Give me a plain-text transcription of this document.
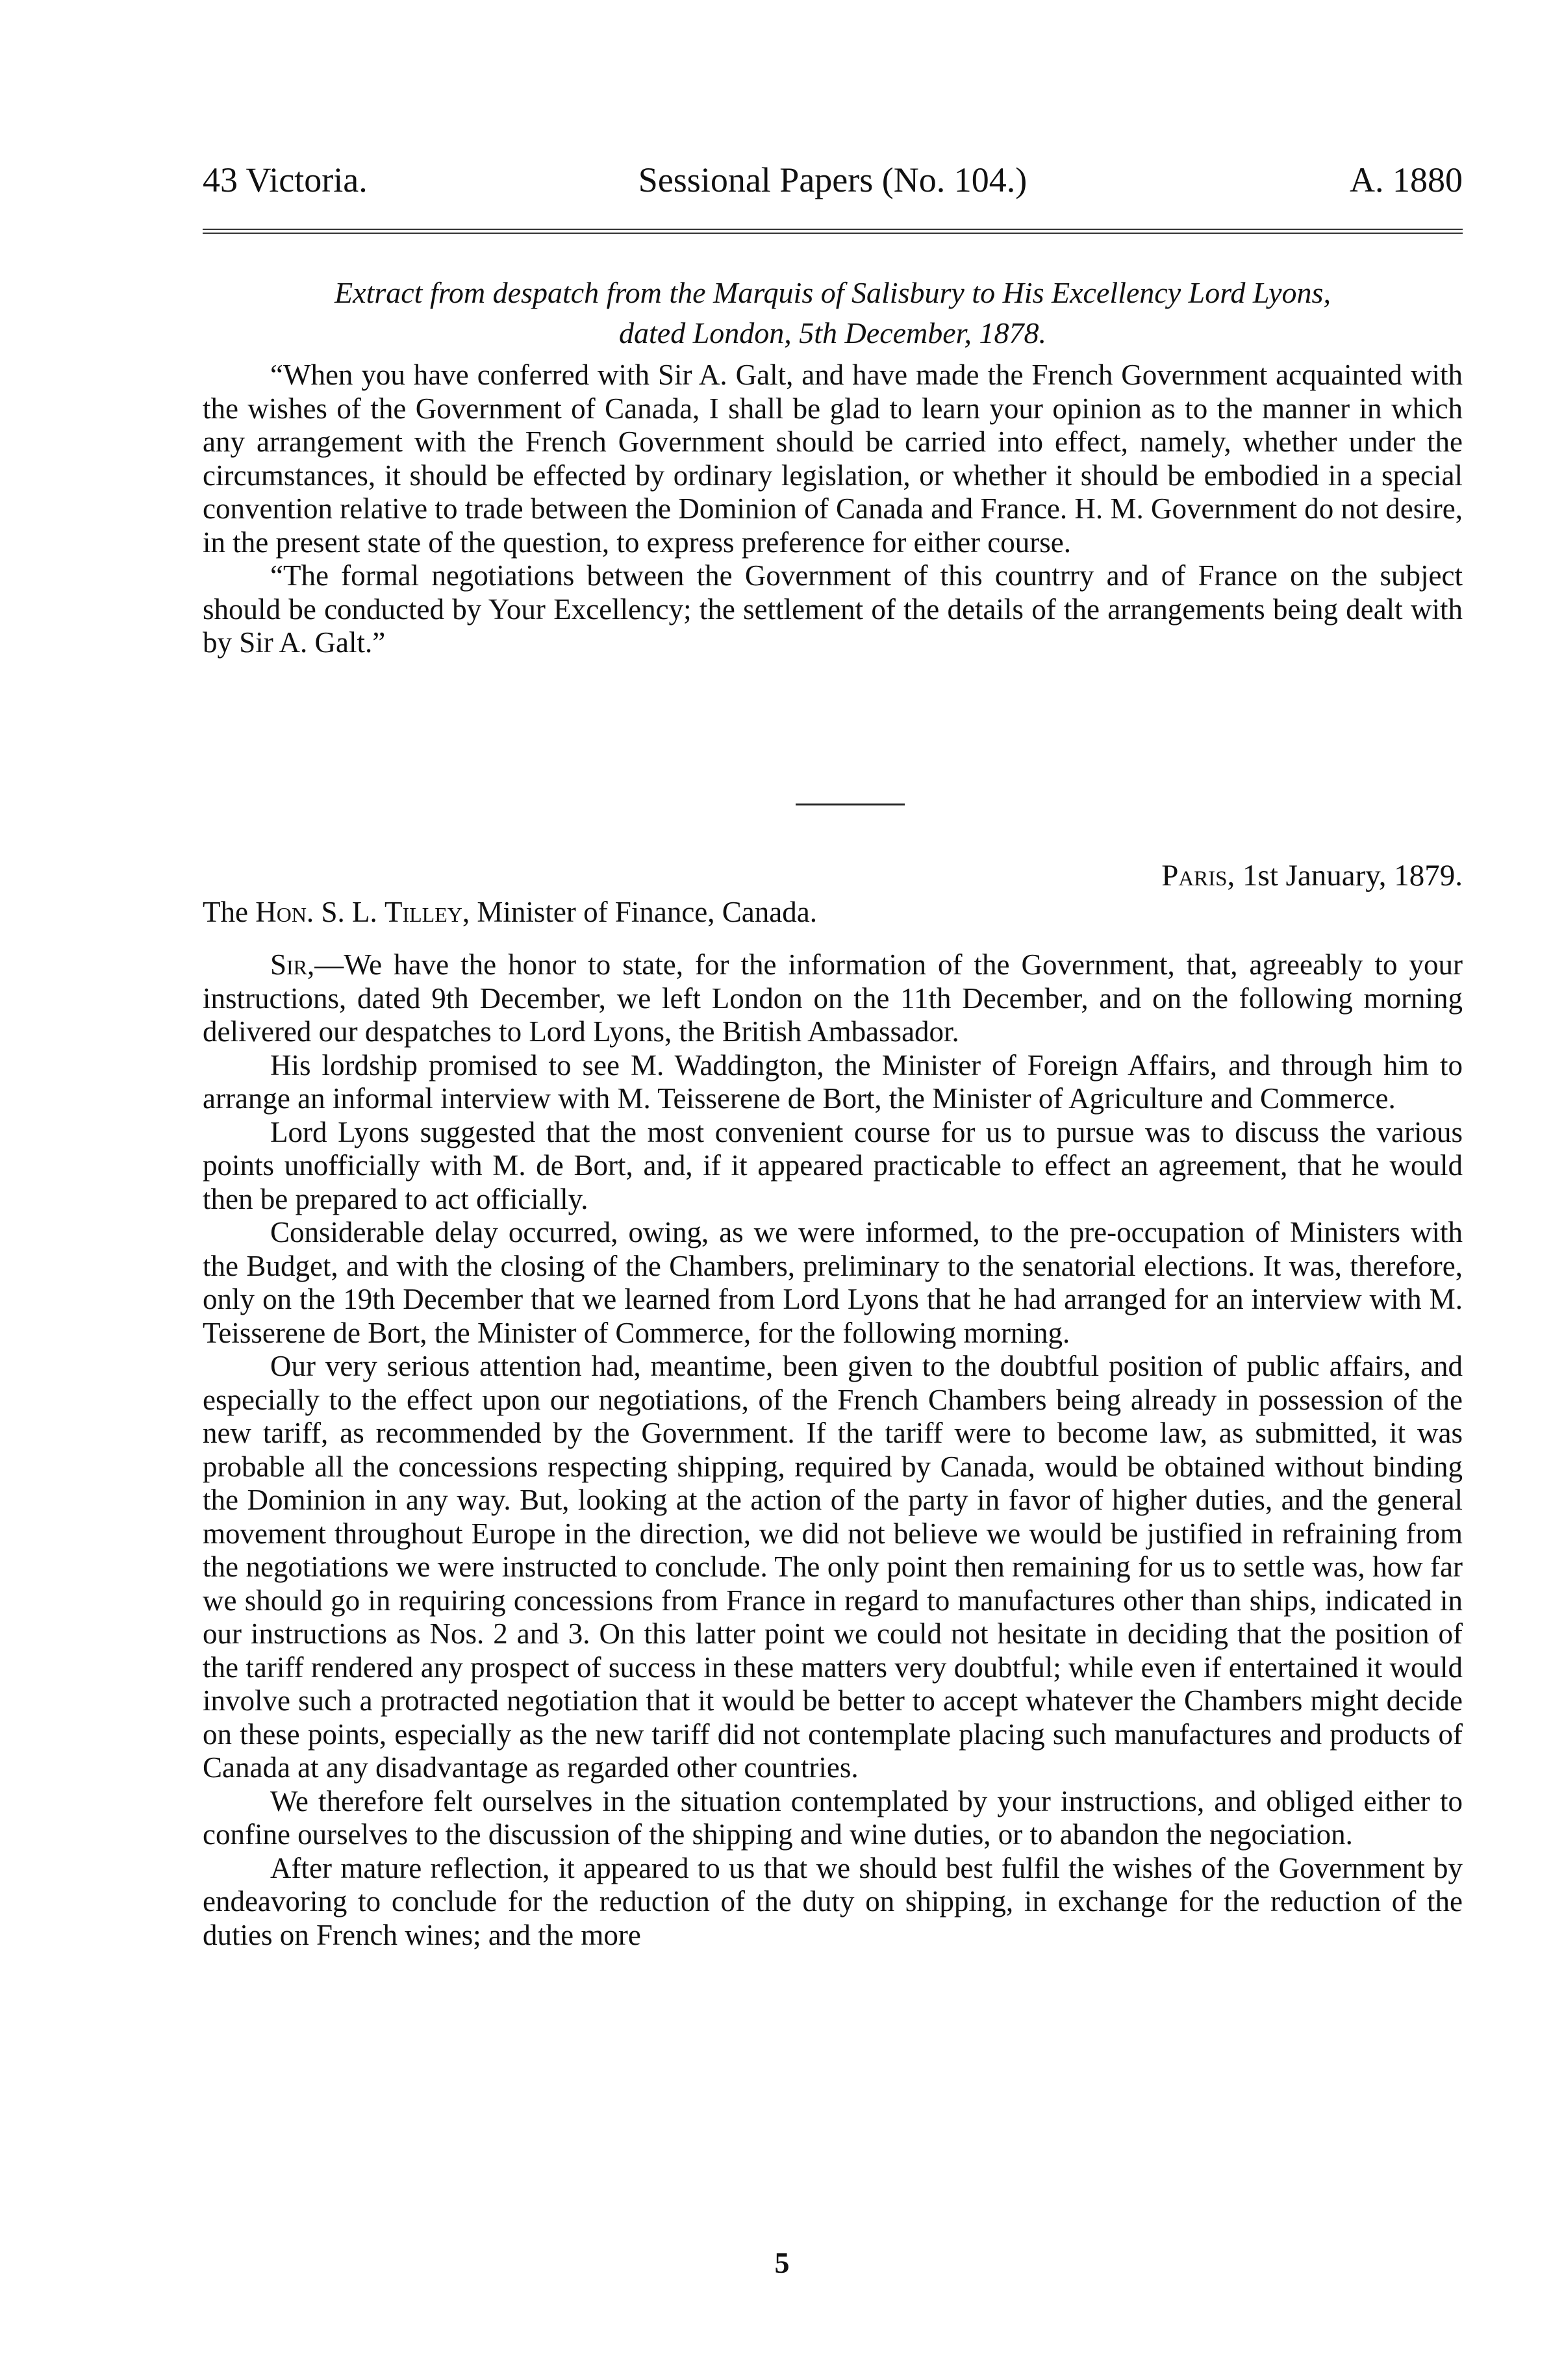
43 Victoria.	Sessional Papers (No. 104.)	A. 1880
Extract from despatch from the Marquis of Salisbury to His Excellency Lord Lyons,
dated London, 5th December, 1878.

“When you have conferred with Sir A. Galt, and have made the French Government acquainted with the wishes of the Government of Canada, I shall be glad to learn your opinion as to the manner in which any arrangement with the French Government should be carried into effect, namely, whether under the circumstances, it should be effected by ordinary legislation, or whether it should be embodied in a special convention relative to trade between the Dominion of Canada and France. H. M. Government do not desire, in the present state of the question, to express preference for either course.

“The formal negotiations between the Government of this countrry and of France on the subject should be conducted by Your Excellency; the settlement of the details of the arrangements being dealt with by Sir A. Galt.”

Paris, 1st January, 1879.
The Hon. S. L. Tilley, Minister of Finance, Canada.

Sir,—We have the honor to state, for the information of the Government, that, agreeably to your instructions, dated 9th December, we left London on the 11th December, and on the following morning delivered our despatches to Lord Lyons, the British Ambassador.

His lordship promised to see M. Waddington, the Minister of Foreign Affairs, and through him to arrange an informal interview with M. Teisserene de Bort, the Minister of Agriculture and Commerce.

Lord Lyons suggested that the most convenient course for us to pursue was to discuss the various points unofficially with M. de Bort, and, if it appeared practicable to effect an agreement, that he would then be prepared to act officially.

Considerable delay occurred, owing, as we were informed, to the pre-occupation of Ministers with the Budget, and with the closing of the Chambers, preliminary to the senatorial elections. It was, therefore, only on the 19th December that we learned from Lord Lyons that he had arranged for an interview with M. Teisserene de Bort, the Minister of Commerce, for the following morning.

Our very serious attention had, meantime, been given to the doubtful position of public affairs, and especially to the effect upon our negotiations, of the French Chambers being already in possession of the new tariff, as recommended by the Government. If the tariff were to become law, as submitted, it was probable all the concessions respecting shipping, required by Canada, would be obtained without binding the Dominion in any way. But, looking at the action of the party in favor of higher duties, and the general movement throughout Europe in the direction, we did not believe we would be justified in refraining from the negotiations we were instructed to conclude. The only point then remaining for us to settle was, how far we should go in requiring concessions from France in regard to manufactures other than ships, indicated in our instructions as Nos. 2 and 3. On this latter point we could not hesitate in deciding that the position of the tariff rendered any prospect of success in these matters very doubtful; while even if entertained it would involve such a protracted negotiation that it would be better to accept whatever the Chambers might decide on these points, especially as the new tariff did not contemplate placing such manufactures and products of Canada at any disadvantage as regarded other countries.

We therefore felt ourselves in the situation contemplated by your instructions, and obliged either to confine ourselves to the discussion of the shipping and wine duties, or to abandon the negociation.

After mature reflection, it appeared to us that we should best fulfil the wishes of the Government by endeavoring to conclude for the reduction of the duty on shipping, in exchange for the reduction of the duties on French wines; and the more

5
